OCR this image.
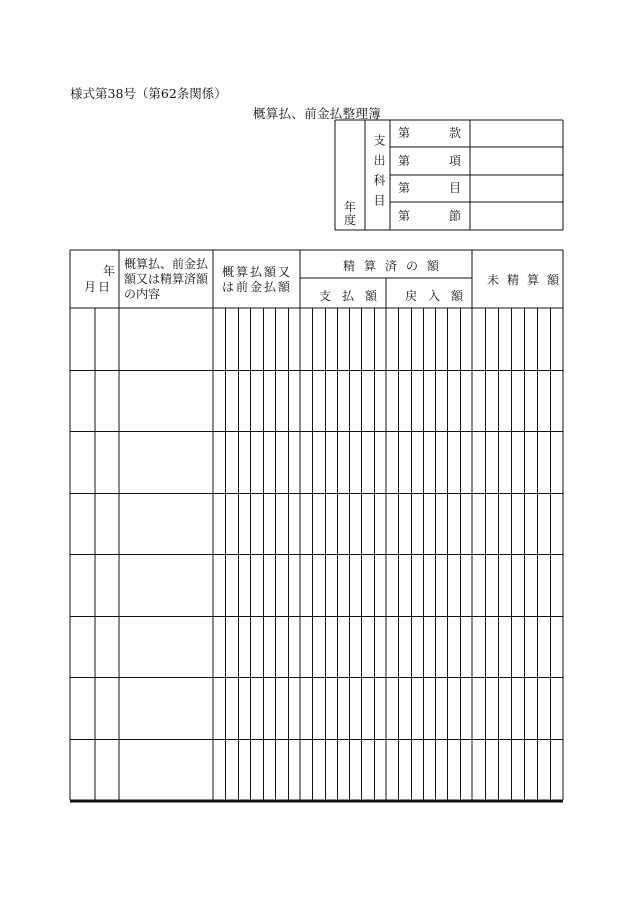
様式第38号（第62条関係）
概算払、前金払整理簿
年
度
支出科目
第	款
第	項
第	目
第	節
年
月日
概算払、前金払
額又は精算済額
の内容
概算払額又
は前金払額
精算済の額
支払額 戻入額
未精算額
